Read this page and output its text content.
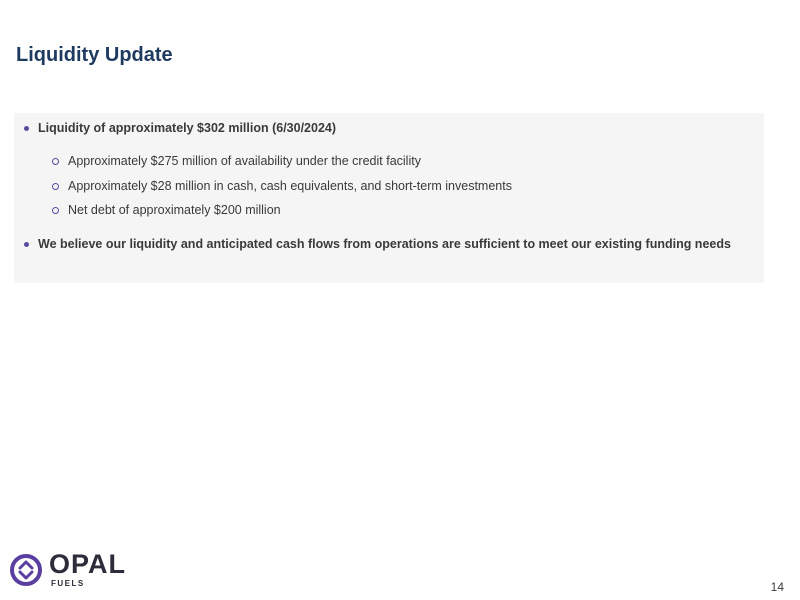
Liquidity Update
Liquidity of approximately $302 million (6/30/2024)
Approximately $275 million of availability under the credit facility
Approximately $28 million in cash, cash equivalents, and short-term investments
Net debt of approximately $200 million
We believe our liquidity and anticipated cash flows from operations are sufficient to meet our existing funding needs
OPAL
FUELS	14
